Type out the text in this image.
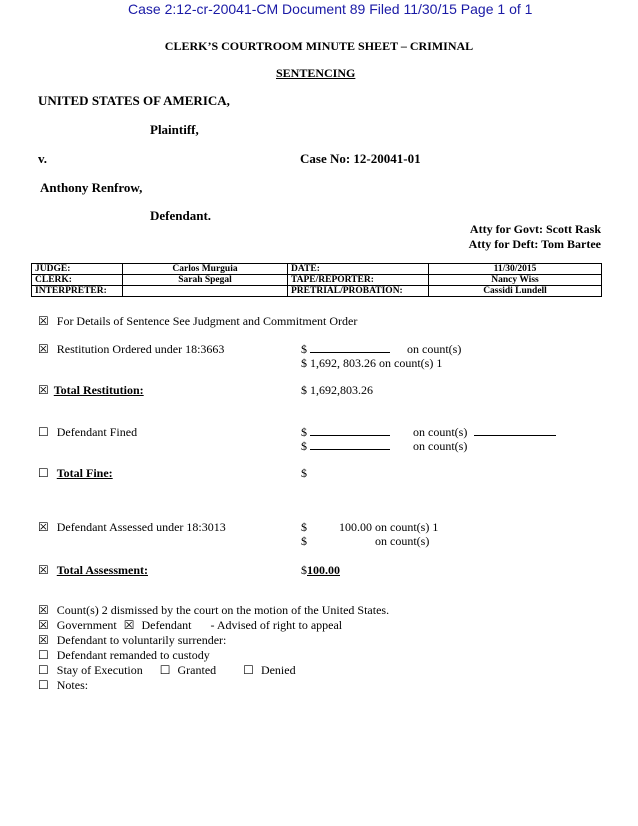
Case 2:12-cr-20041-CM Document 89 Filed 11/30/15 Page 1 of 1
CLERK’S COURTROOM MINUTE SHEET – CRIMINAL
SENTENCING
UNITED STATES OF AMERICA,
Plaintiff,
v.	Case No: 12-20041-01
Anthony Renfrow,
Defendant.
Atty for Govt: Scott Rask
Atty for Deft: Tom Bartee
JUDGE:	Carlos Murguia	DATE:	11/30/2015
CLERK:	Sarah Spegal	TAPE/REPORTER:	Nancy Wiss
INTERPRETER:		PRETRIAL/PROBATION:	Cassidi Lundell
☒ For Details of Sentence See Judgment and Commitment Order
☒ Restitution Ordered under 18:3663	$	on count(s)
$ 1,692, 803.26 on count(s) 1
☒ Total Restitution:	$ 1,692,803.26
☐ Defendant Fined	$	on count(s)
$	on count(s)
☐ Total Fine:	$
☒ Defendant Assessed under 18:3013	$	100.00 on count(s) 1
$	on count(s)
☒ Total Assessment:	$100.00
☒ Count(s) 2 dismissed by the court on the motion of the United States.
☒ Government ☒ Defendant - Advised of right to appeal
☒ Defendant to voluntarily surrender:
☐ Defendant remanded to custody
☐ Stay of Execution ☐ Granted ☐ Denied
☐ Notes:
